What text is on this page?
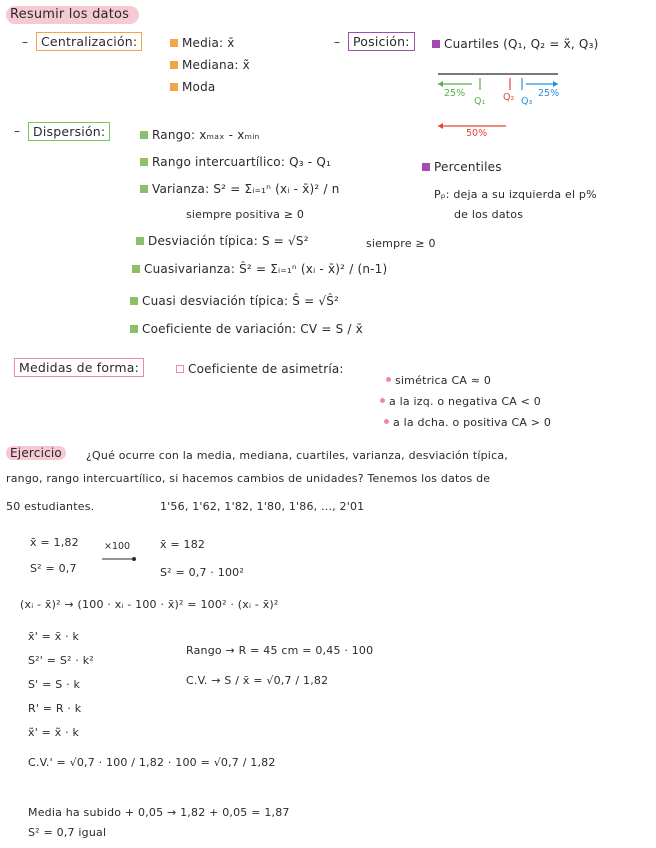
Resumir los datos
–	Centralización:	Media: x̄
Mediana: x̃
Moda
–	Posición:	Cuartiles (Q₁, Q₂ = x̃, Q₃)
25%
Q₁ Q₂ Q₃
25%
50%
Percentiles
Pₚ: deja a su izquierda el p%
de los datos
–	Dispersión:	Rango: xₘₐₓ - xₘᵢₙ
Rango intercuartílico: Q₃ - Q₁
Varianza: S² = Σᵢ₌₁ⁿ (xᵢ - x̄)² / n
siempre positiva ≥ 0
Desviación típica: S = √S²	siempre ≥ 0
Cuasivarianza: Ŝ² = Σᵢ₌₁ⁿ (xᵢ - x̄)² / (n-1)
Cuasi desviación típica: Ŝ = √Ŝ²
Coeficiente de variación: CV = S / x̄
Medidas de forma:	Coeficiente de asimetría:
simétrica CA ≈ 0
a la izq. o negativa CA < 0
a la dcha. o positiva CA > 0
Ejercicio	¿Qué ocurre con la media, mediana, cuartiles, varianza, desviación típica,
rango, rango intercuartílico, si hacemos cambios de unidades? Tenemos los datos de
50 estudiantes.	1'56, 1'62, 1'82, 1'80, 1'86, ..., 2'01
x̄ = 1,82
S² = 0,7
×100	x̄ = 182
S² = 0,7 · 100²
(xᵢ - x̄)² → (100 · xᵢ - 100 · x̄)² = 100² · (xᵢ - x̄)²
x̄' = x̄ · k
S²' = S² · k²
S' = S · k
R' = R · k
x̃' = x̃ · k
Rango → R = 45 cm = 0,45 · 100
C.V. → S / x̄ = √0,7 / 1,82
C.V.' = √0,7 · 100 / 1,82 · 100 = √0,7 / 1,82
Media ha subido + 0,05 → 1,82 + 0,05 = 1,87
S² = 0,7 igual
